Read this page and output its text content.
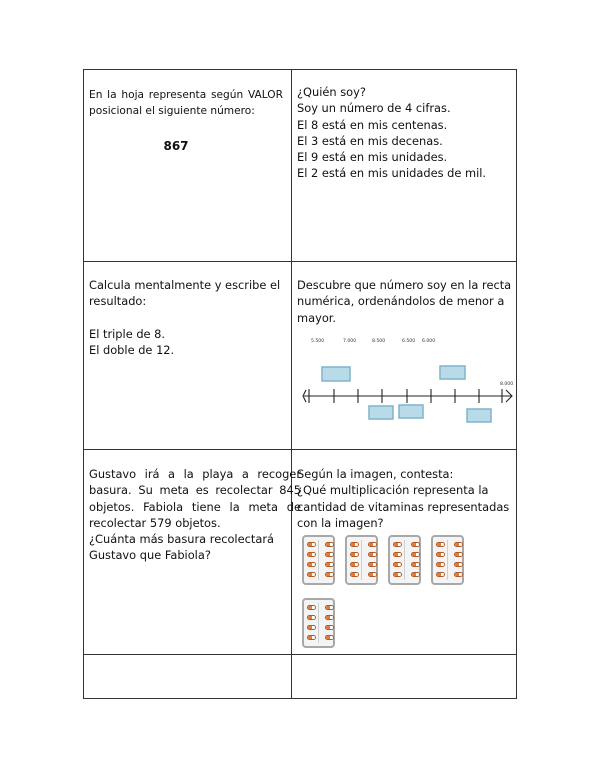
En la hoja representa según VALOR
posicional el siguiente número:
867
¿Quién soy?
Soy un número de 4 cifras.
El 8 está en mis centenas.
El 3 está en mis decenas.
El 9 está en mis unidades.
El 2 está en mis unidades de mil.
Calcula mentalmente y escribe el
resultado:
El triple de 8.
El doble de 12.
Descubre que número soy en la recta
numérica, ordenándolos de menor a
mayor.
5.500	7.000	8.500	6.500 6.000
8.000
Gustavo irá a la playa a recoger
basura. Su meta es recolectar 845
objetos. Fabiola tiene la meta de
recolectar 579 objetos.
¿Cuánta más basura recolectará
Gustavo que Fabiola?
Según la imagen, contesta:
¿Qué multiplicación representa la
cantidad de vitaminas representadas
con la imagen?
